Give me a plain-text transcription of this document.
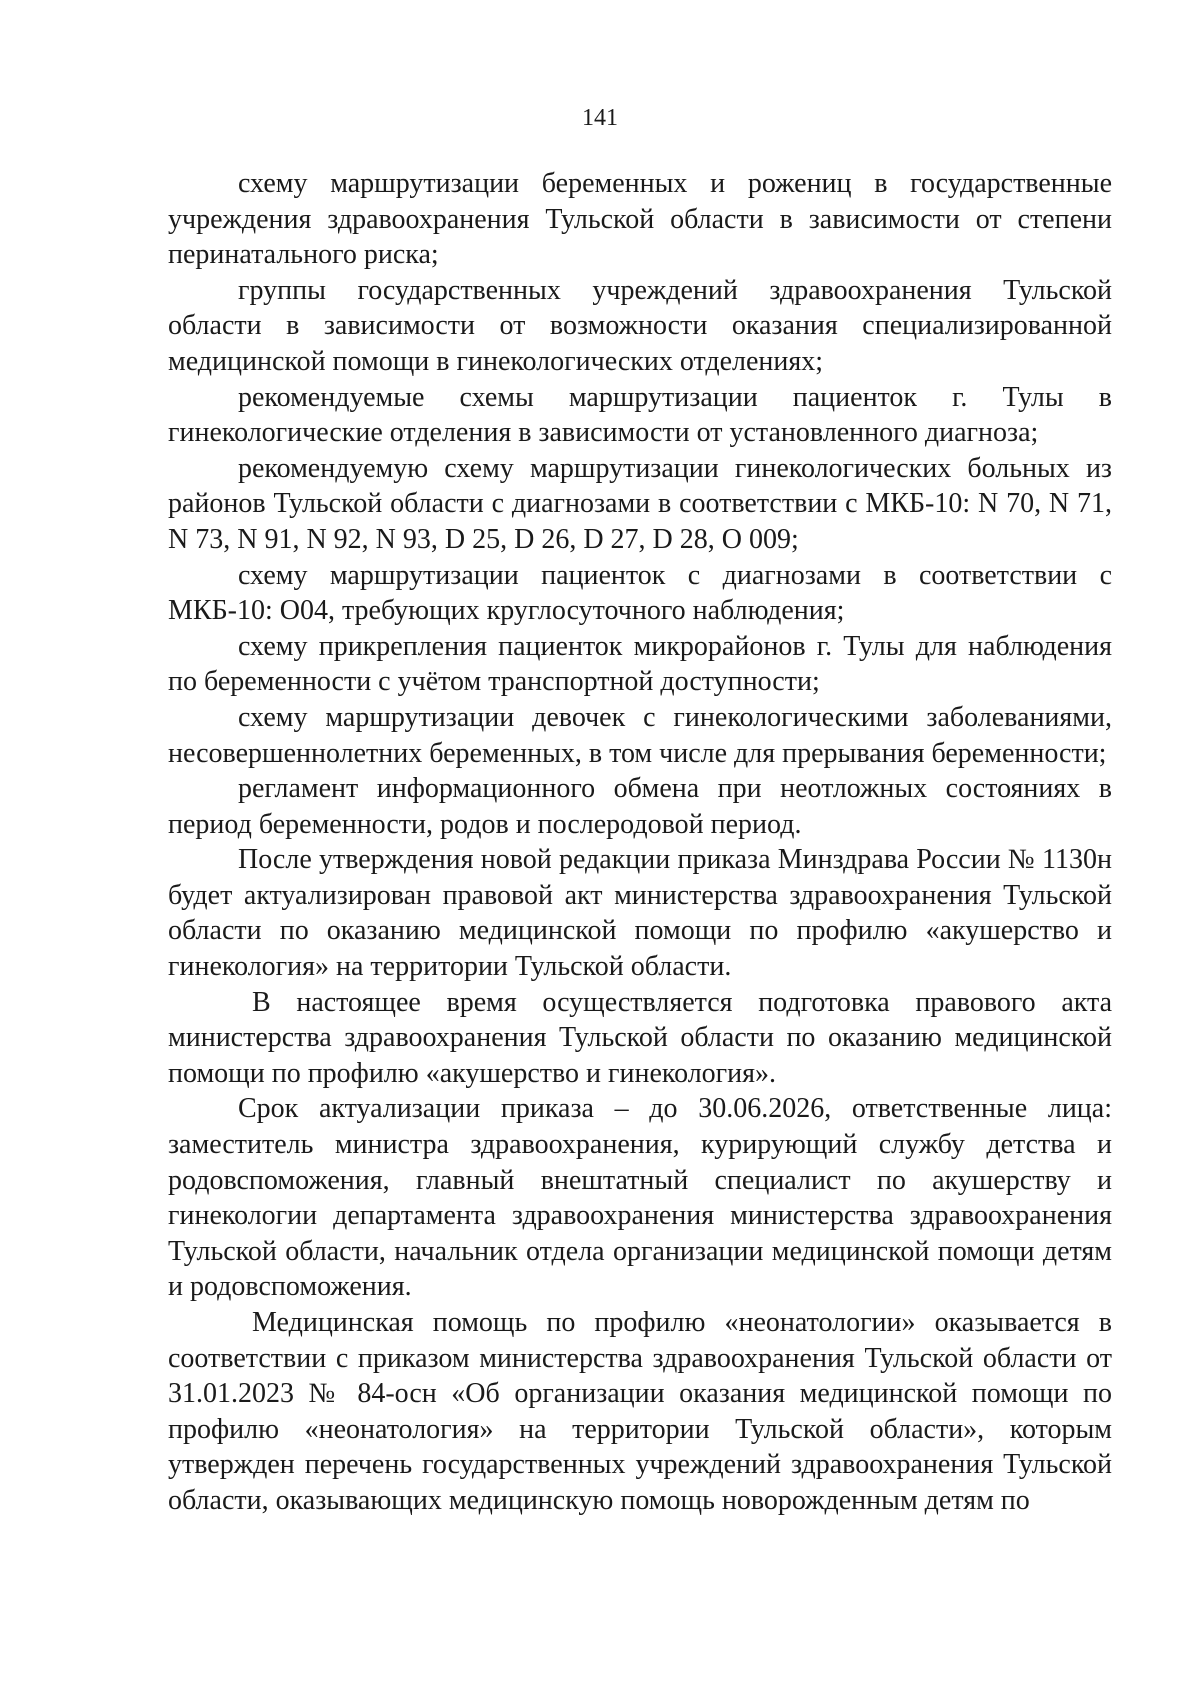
141

схему маршрутизации беременных и рожениц в государственные учреждения здравоохранения Тульской области в зависимости от степени перинатального риска;

группы государственных учреждений здравоохранения Тульской области в зависимости от возможности оказания специализированной медицинской помощи в гинекологических отделениях;

рекомендуемые схемы маршрутизации пациенток г. Тулы в гинекологические отделения в зависимости от установленного диагноза;

рекомендуемую схему маршрутизации гинекологических больных из районов Тульской области с диагнозами в соответствии с МКБ-10: N 70, N 71, N 73, N 91, N 92, N 93, D 25, D 26, D 27, D 28, O 009;

схему маршрутизации пациенток с диагнозами в соответствии с МКБ-10: O04, требующих круглосуточного наблюдения;

схему прикрепления пациенток микрорайонов г. Тулы для наблюдения по беременности с учётом транспортной доступности;

схему маршрутизации девочек с гинекологическими заболеваниями, несовершеннолетних беременных, в том числе для прерывания беременности;

регламент информационного обмена при неотложных состояниях в период беременности, родов и послеродовой период.

После утверждения новой редакции приказа Минздрава России № 1130н будет актуализирован правовой акт министерства здравоохранения Тульской области по оказанию медицинской помощи по профилю «акушерство и гинекология» на территории Тульской области.

В настоящее время осуществляется подготовка правового акта министерства здравоохранения Тульской области по оказанию медицинской помощи по профилю «акушерство и гинекология».

Срок актуализации приказа – до 30.06.2026, ответственные лица: заместитель министра здравоохранения, курирующий службу детства и родовспоможения, главный внештатный специалист по акушерству и гинекологии департамента здравоохранения министерства здравоохранения Тульской области, начальник отдела организации медицинской помощи детям и родовспоможения.

Медицинская помощь по профилю «неонатологии» оказывается в соответствии с приказом министерства здравоохранения Тульской области от 31.01.2023 № 84-осн «Об организации оказания медицинской помощи по профилю «неонатология» на территории Тульской области», которым утвержден перечень государственных учреждений здравоохранения Тульской области, оказывающих медицинскую помощь новорожденным детям по
